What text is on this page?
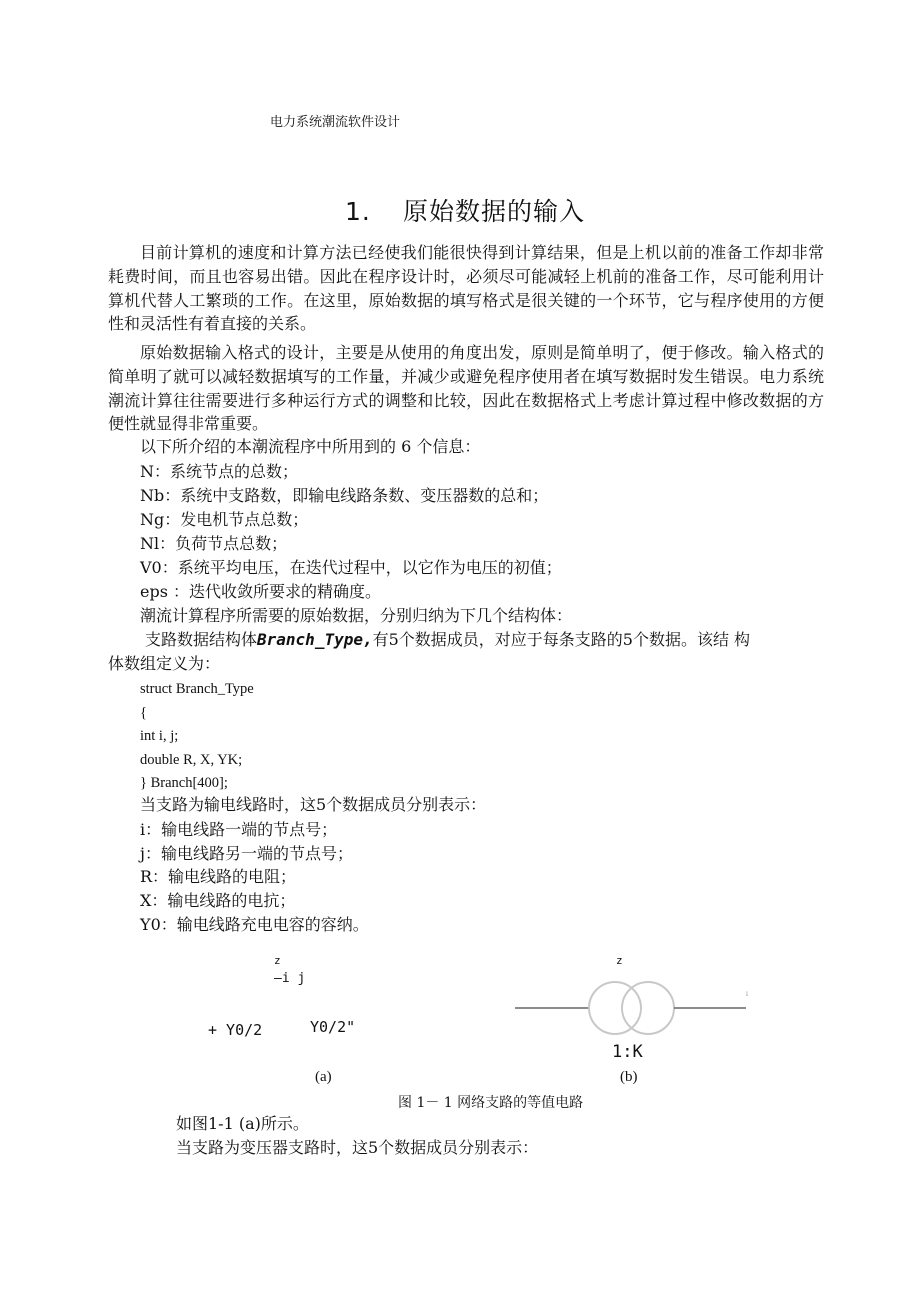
电力系统潮流软件设计
1. 原始数据的输入
目前计算机的速度和计算方法已经使我们能很快得到计算结果，但是上机以前的准备工作却非常耗费时间，而且也容易出错。因此在程序设计时，必须尽可能减轻上机前的准备工作，尽可能利用计算机代替人工繁琐的工作。在这里，原始数据的填写格式是很关键的一个环节，它与程序使用的方便性和灵活性有着直接的关系。
原始数据输入格式的设计，主要是从使用的角度出发，原则是简单明了，便于修改。输入格式的简单明了就可以减轻数据填写的工作量，并减少或避免程序使用者在填写数据时发生错误。电力系统潮流计算往往需要进行多种运行方式的调整和比较，因此在数据格式上考虑计算过程中修改数据的方便性就显得非常重要。
以下所介绍的本潮流程序中所用到的 6 个信息：
N：系统节点的总数；
Nb：系统中支路数，即输电线路条数、变压器数的总和；
Ng：发电机节点总数；
Nl：负荷节点总数；
V0：系统平均电压，在迭代过程中，以它作为电压的初值；
eps ：迭代收敛所要求的精确度。
潮流计算程序所需要的原始数据，分别归纳为下几个结构体：
支路数据结构体Branch_Type,有5个数据成员，对应于每条支路的5个数据。该结 构
体数组定义为：
struct Branch_Type
{
int i, j;
double R, X, YK;
} Branch[400];
当支路为输电线路时，这5个数据成员分别表示：
i：输电线路一端的节点号；
j：输电线路另一端的节点号；
R：输电线路的电阻；
X：输电线路的电抗；
Y0：输电线路充电电容的容纳。
z
—i j
+ Y0/2	Y0/2"
z
i
1:K
(a)	(b)
图 1－ 1 网络支路的等值电路
如图1-1 (a)所示。
当支路为变压器支路时，这5个数据成员分别表示：
